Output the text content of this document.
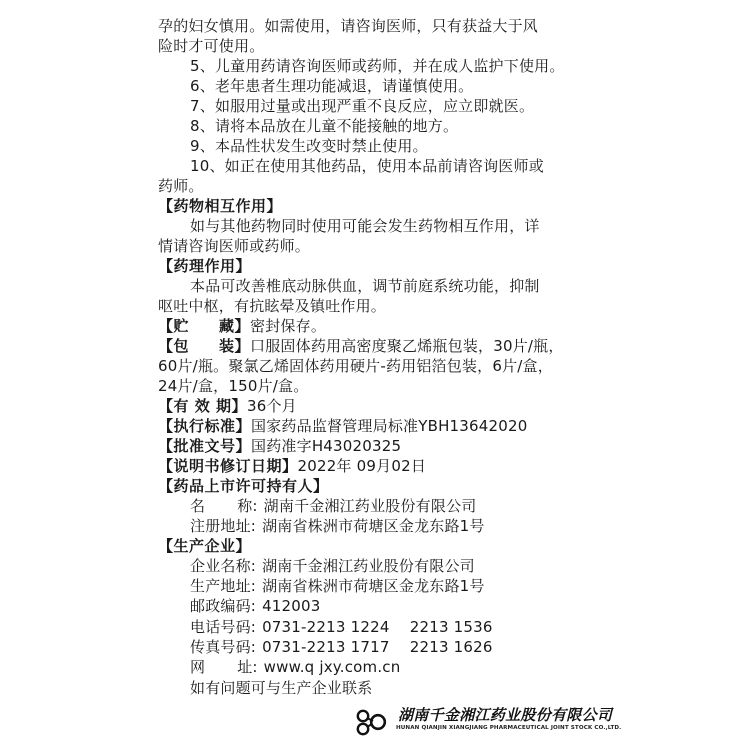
孕的妇女慎用。如需使用，请咨询医师，只有获益大于风
险时才可使用。
5、儿童用药请咨询医师或药师，并在成人监护下使用。
6、老年患者生理功能减退，请谨慎使用。
7、如服用过量或出现严重不良反应，应立即就医。
8、请将本品放在儿童不能接触的地方。
9、本品性状发生改变时禁止使用。
10、如正在使用其他药品，使用本品前请咨询医师或
药师。
【药物相互作用】
如与其他药物同时使用可能会发生药物相互作用，详
情请咨询医师或药师。
【药理作用】
本品可改善椎底动脉供血，调节前庭系统功能，抑制
呕吐中枢，有抗眩晕及镇吐作用。
【贮 藏】密封保存。
【包 装】口服固体药用高密度聚乙烯瓶包装，30片/瓶，
60片/瓶。聚氯乙烯固体药用硬片-药用铝箔包装，6片/盒，
24片/盒，150片/盒。
【有 效 期】36个月
【执行标准】国家药品监督管理局标准YBH13642020
【批准文号】国药准字H43020325
【说明书修订日期】2022年 09月02日
【药品上市许可持有人】
名 称: 湖南千金湘江药业股份有限公司
注册地址: 湖南省株洲市荷塘区金龙东路1号
【生产企业】
企业名称: 湖南千金湘江药业股份有限公司
生产地址: 湖南省株洲市荷塘区金龙东路1号
邮政编码: 412003
电话号码: 0731-2213 1224　 2213 1536
湖南千金湘江药业股份有限公司
HUNAN QIANJIN XIANGJIANG PHARMACEUTICAL JOINT STOCK CO.,LTD.
传真号码: 0731-2213 1717　 2213 1626
网 址: www.q jxy.com.cn
如有问题可与生产企业联系
